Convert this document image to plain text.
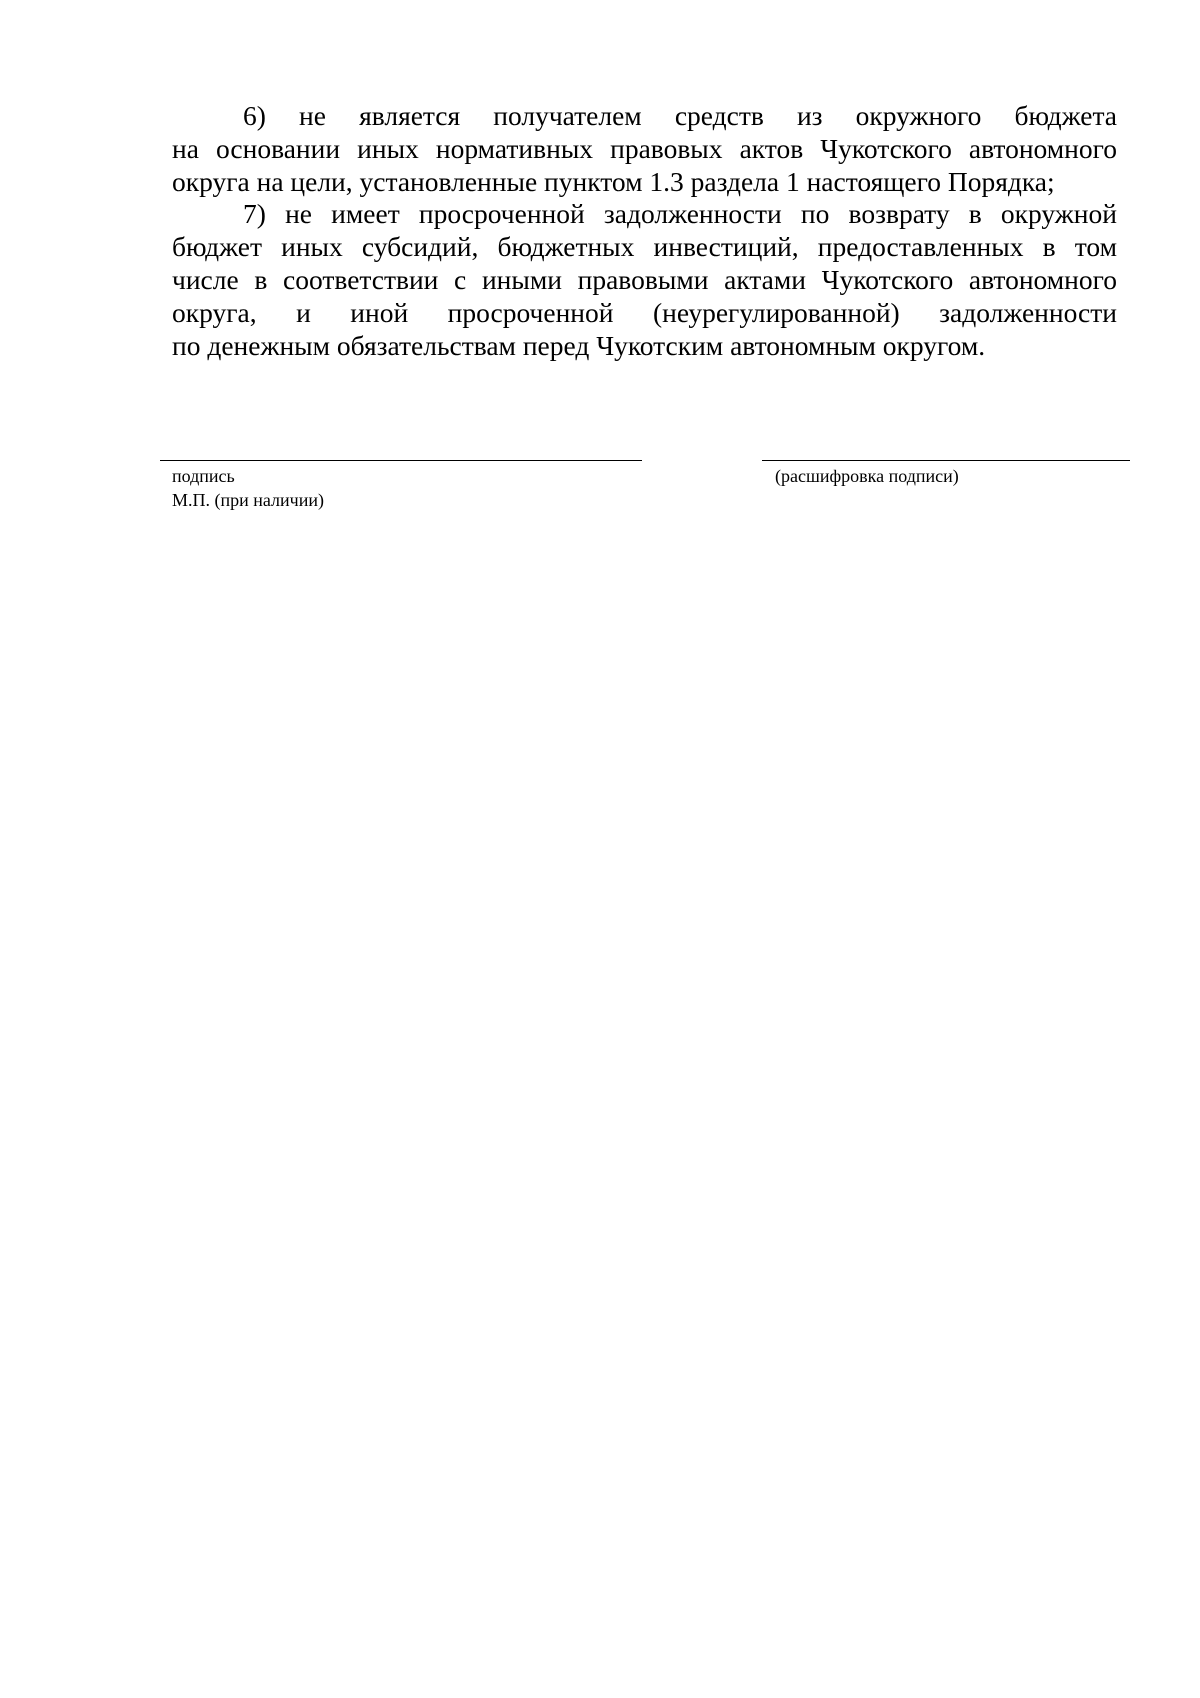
6) не является получателем средств из окружного бюджета
на основании иных нормативных правовых актов Чукотского автономного
округа на цели, установленные пунктом 1.3 раздела 1 настоящего Порядка;
7) не имеет просроченной задолженности по возврату в окружной
бюджет иных субсидий, бюджетных инвестиций, предоставленных в том
числе в соответствии с иными правовыми актами Чукотского автономного
округа, и иной просроченной (неурегулированной) задолженности
по денежным обязательствам перед Чукотским автономным округом.
подпись
М.П. (при наличии)
(расшифровка подписи)
